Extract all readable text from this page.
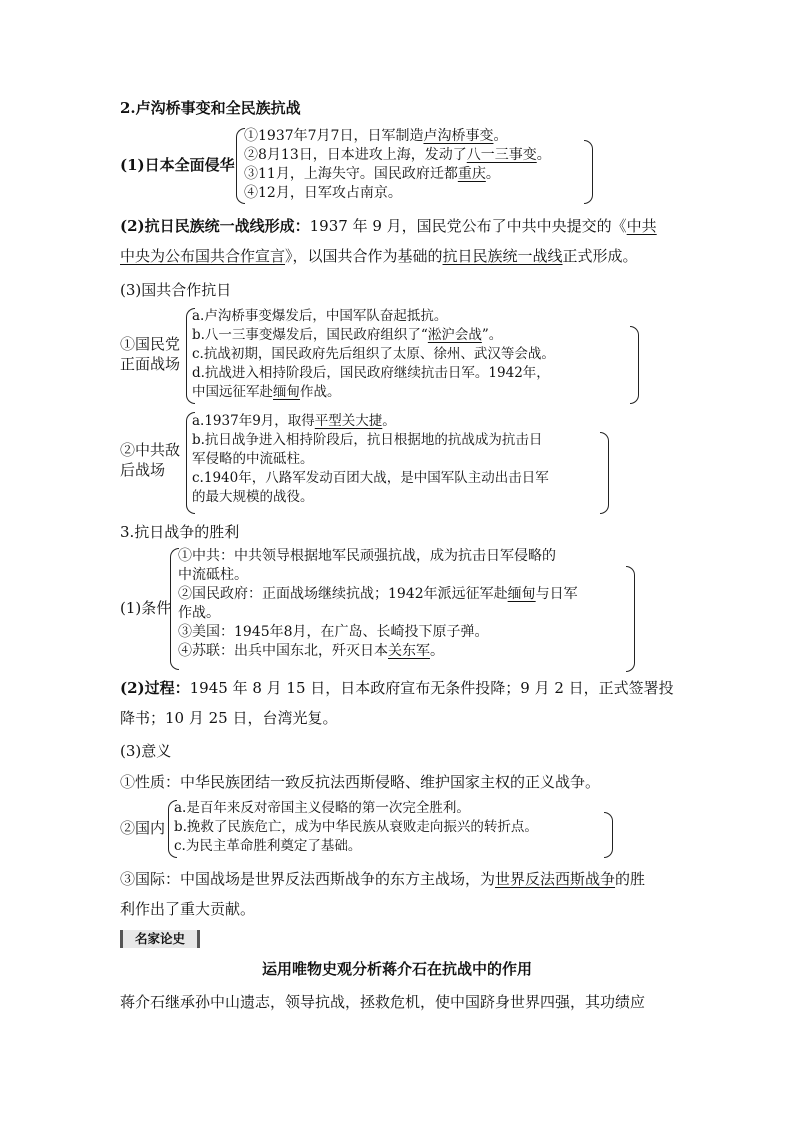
2.卢沟桥事变和全民族抗战
(1)日本全面侵华
①1937年7月7日，日军制造卢沟桥事变。
②8月13日，日本进攻上海，发动了八一三事变。
③11月，上海失守。国民政府迁都重庆。
④12月，日军攻占南京。
(2)抗日民族统一战线形成：1937 年 9 月，国民党公布了中共中央提交的《中共
中央为公布国共合作宣言》，以国共合作为基础的抗日民族统一战线正式形成。
(3)国共合作抗日
①国民党
正面战场
a.卢沟桥事变爆发后，中国军队奋起抵抗。
b.八一三事变爆发后，国民政府组织了“淞沪会战”。
c.抗战初期，国民政府先后组织了太原、徐州、武汉等会战。
d.抗战进入相持阶段后，国民政府继续抗击日军。1942年，
中国远征军赴缅甸作战。
②中共敌
后战场
a.1937年9月，取得平型关大捷。
b.抗日战争进入相持阶段后，抗日根据地的抗战成为抗击日
军侵略的中流砥柱。
c.1940年，八路军发动百团大战，是中国军队主动出击日军
的最大规模的战役。
3.抗日战争的胜利
(1)条件
①中共：中共领导根据地军民顽强抗战，成为抗击日军侵略的
中流砥柱。
②国民政府：正面战场继续抗战；1942年派远征军赴缅甸与日军
作战。
③美国：1945年8月，在广岛、长崎投下原子弹。
④苏联：出兵中国东北，歼灭日本关东军。
(2)过程：1945 年 8 月 15 日，日本政府宣布无条件投降；9 月 2 日，正式签署投
降书；10 月 25 日，台湾光复。
(3)意义
①性质：中华民族团结一致反抗法西斯侵略、维护国家主权的正义战争。
②国内
a.是百年来反对帝国主义侵略的第一次完全胜利。
b.挽救了民族危亡，成为中华民族从衰败走向振兴的转折点。
c.为民主革命胜利奠定了基础。
③国际：中国战场是世界反法西斯战争的东方主战场，为世界反法西斯战争的胜
利作出了重大贡献。
名家论史
运用唯物史观分析蒋介石在抗战中的作用
蒋介石继承孙中山遗志，领导抗战，拯救危机，使中国跻身世界四强，其功绩应
